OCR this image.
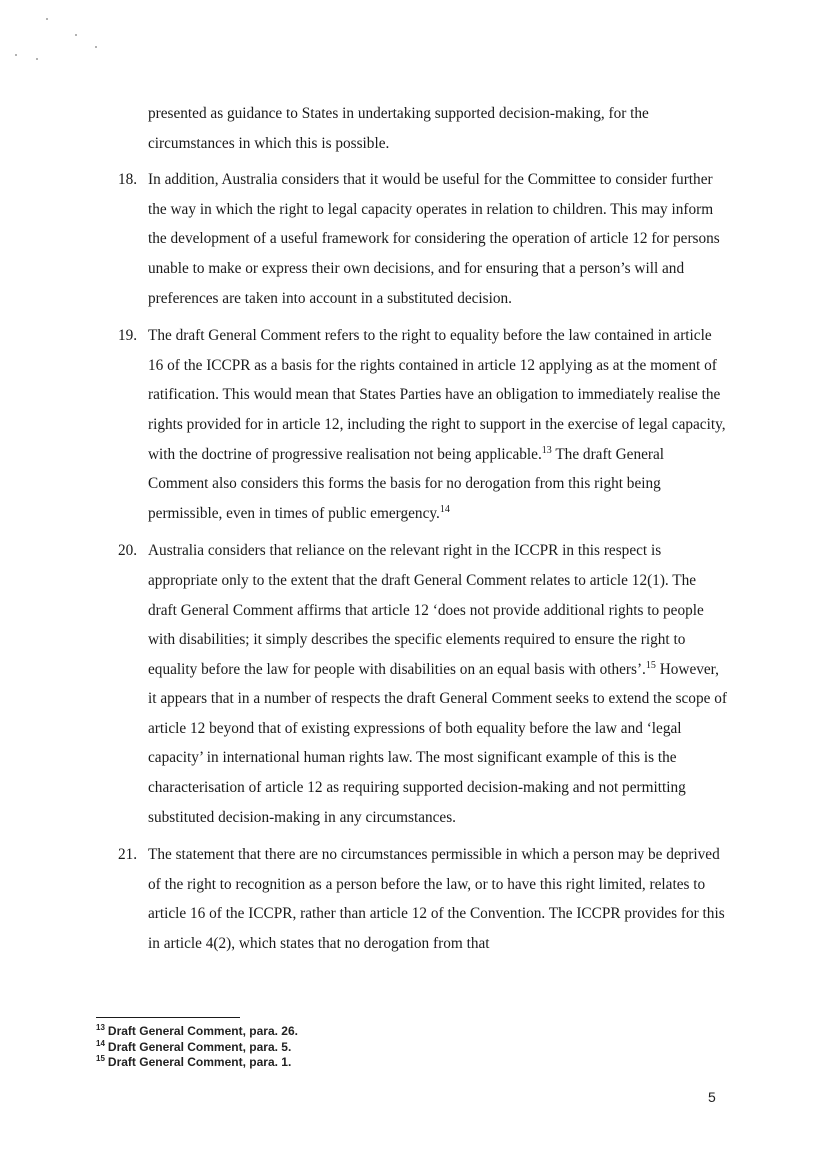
presented as guidance to States in undertaking supported decision-making, for the circumstances in which this is possible.

18. In addition, Australia considers that it would be useful for the Committee to consider further the way in which the right to legal capacity operates in relation to children. This may inform the development of a useful framework for considering the operation of article 12 for persons unable to make or express their own decisions, and for ensuring that a person’s will and preferences are taken into account in a substituted decision.

19. The draft General Comment refers to the right to equality before the law contained in article 16 of the ICCPR as a basis for the rights contained in article 12 applying as at the moment of ratification. This would mean that States Parties have an obligation to immediately realise the rights provided for in article 12, including the right to support in the exercise of legal capacity, with the doctrine of progressive realisation not being applicable.$^{13}$ The draft General Comment also considers this forms the basis for no derogation from this right being permissible, even in times of public emergency.$^{14}$

20. Australia considers that reliance on the relevant right in the ICCPR in this respect is appropriate only to the extent that the draft General Comment relates to article 12(1). The draft General Comment affirms that article 12 ‘does not provide additional rights to people with disabilities; it simply describes the specific elements required to ensure the right to equality before the law for people with disabilities on an equal basis with others’.$^{15}$ However, it appears that in a number of respects the draft General Comment seeks to extend the scope of article 12 beyond that of existing expressions of both equality before the law and ‘legal capacity’ in international human rights law. The most significant example of this is the characterisation of article 12 as requiring supported decision-making and not permitting substituted decision-making in any circumstances.

21. The statement that there are no circumstances permissible in which a person may be deprived of the right to recognition as a person before the law, or to have this right limited, relates to article 16 of the ICCPR, rather than article 12 of the Convention. The ICCPR provides for this in article 4(2), which states that no derogation from that

$^{13}$ Draft General Comment, para. 26.
$^{14}$ Draft General Comment, para. 5.
$^{15}$ Draft General Comment, para. 1.
5
